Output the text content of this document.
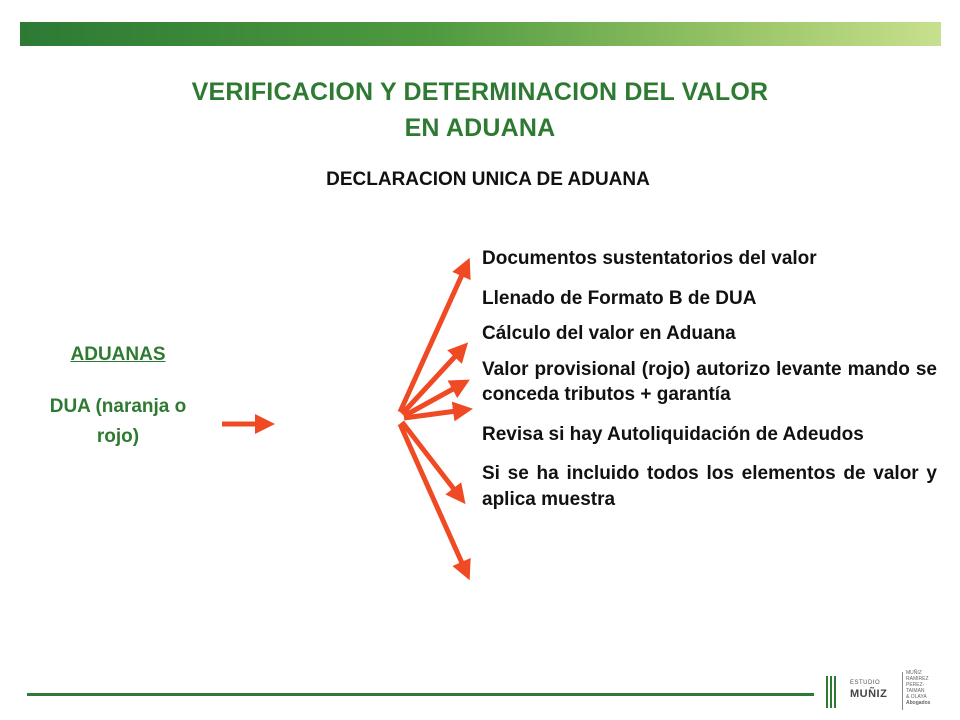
VERIFICACION Y DETERMINACION DEL VALOR
EN ADUANA
DECLARACION UNICA DE ADUANA
ADUANAS
DUA (naranja o
rojo)
Documentos sustentatorios del valor
Llenado de Formato B de DUA
Cálculo del valor en Aduana
Valor provisional (rojo) autorizo levante mando se conceda tributos + garantía
Revisa si hay Autoliquidación de Adeudos
Si se ha incluido todos los elementos de valor y aplica muestra
ESTUDIO
MUÑIZ
MUÑIZ
RAMIREZ
PEREZ-TAIMAN
& OLAYA
Abogados
